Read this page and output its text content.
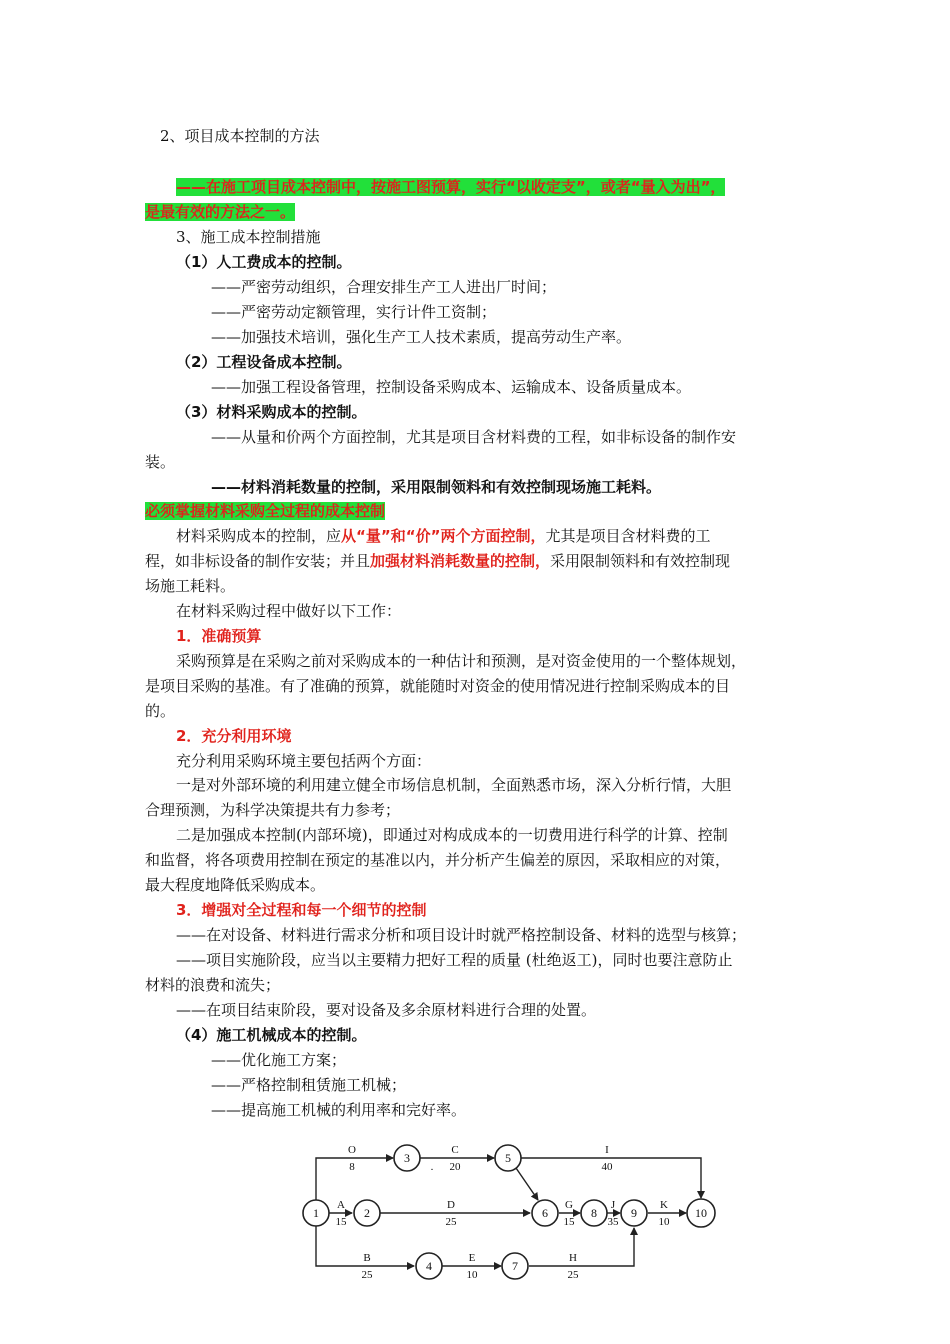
2、项目成本控制的方法
——在施工项目成本控制中，按施工图预算，实行“以收定支”，或者“量入为出”，
是最有效的方法之一。
3、施工成本控制措施
（1）人工费成本的控制。
——严密劳动组织，合理安排生产工人进出厂时间；
——严密劳动定额管理，实行计件工资制；
——加强技术培训，强化生产工人技术素质，提高劳动生产率。
（2）工程设备成本控制。
——加强工程设备管理，控制设备采购成本、运输成本、设备质量成本。
（3）材料采购成本的控制。
——从量和价两个方面控制，尤其是项目含材料费的工程，如非标设备的制作安
装。
——材料消耗数量的控制，采用限制领料和有效控制现场施工耗料。
必须掌握材料采购全过程的成本控制
材料采购成本的控制，应从“量”和“价”两个方面控制，尤其是项目含材料费的工
程，如非标设备的制作安装；并且加强材料消耗数量的控制，采用限制领料和有效控制现
场施工耗料。
在材料采购过程中做好以下工作：
1．准确预算
采购预算是在采购之前对采购成本的一种估计和预测，是对资金使用的一个整体规划，
是项目采购的基准。有了准确的预算，就能随时对资金的使用情况进行控制采购成本的目
的。
2．充分利用环境
充分利用采购环境主要包括两个方面：
一是对外部环境的利用建立健全市场信息机制，全面熟悉市场，深入分析行情，大胆
合理预测，为科学决策提共有力参考；
二是加强成本控制(内部环境)，即通过对构成成本的一切费用进行科学的计算、控制
和监督，将各项费用控制在预定的基准以内，并分析产生偏差的原因，采取相应的对策，
最大程度地降低采购成本。
3．增强对全过程和每一个细节的控制
——在对设备、材料进行需求分析和项目设计时就严格控制设备、材料的选型与核算；
——项目实施阶段，应当以主要精力把好工程的质量 (杜绝返工)，同时也要注意防止
材料的浪费和流失；
——在项目结束阶段，要对设备及多余原材料进行合理的处置。
（4）施工机械成本的控制。
——优化施工方案；
——严格控制租赁施工机械；
——提高施工机械的利用率和完好率。
1	2
3
4
5
6
7
8	9	10
O
8
C
20
.
I
40
A
15
D
25
G
15
J
35
K
10
B
25
E
10
H
25
